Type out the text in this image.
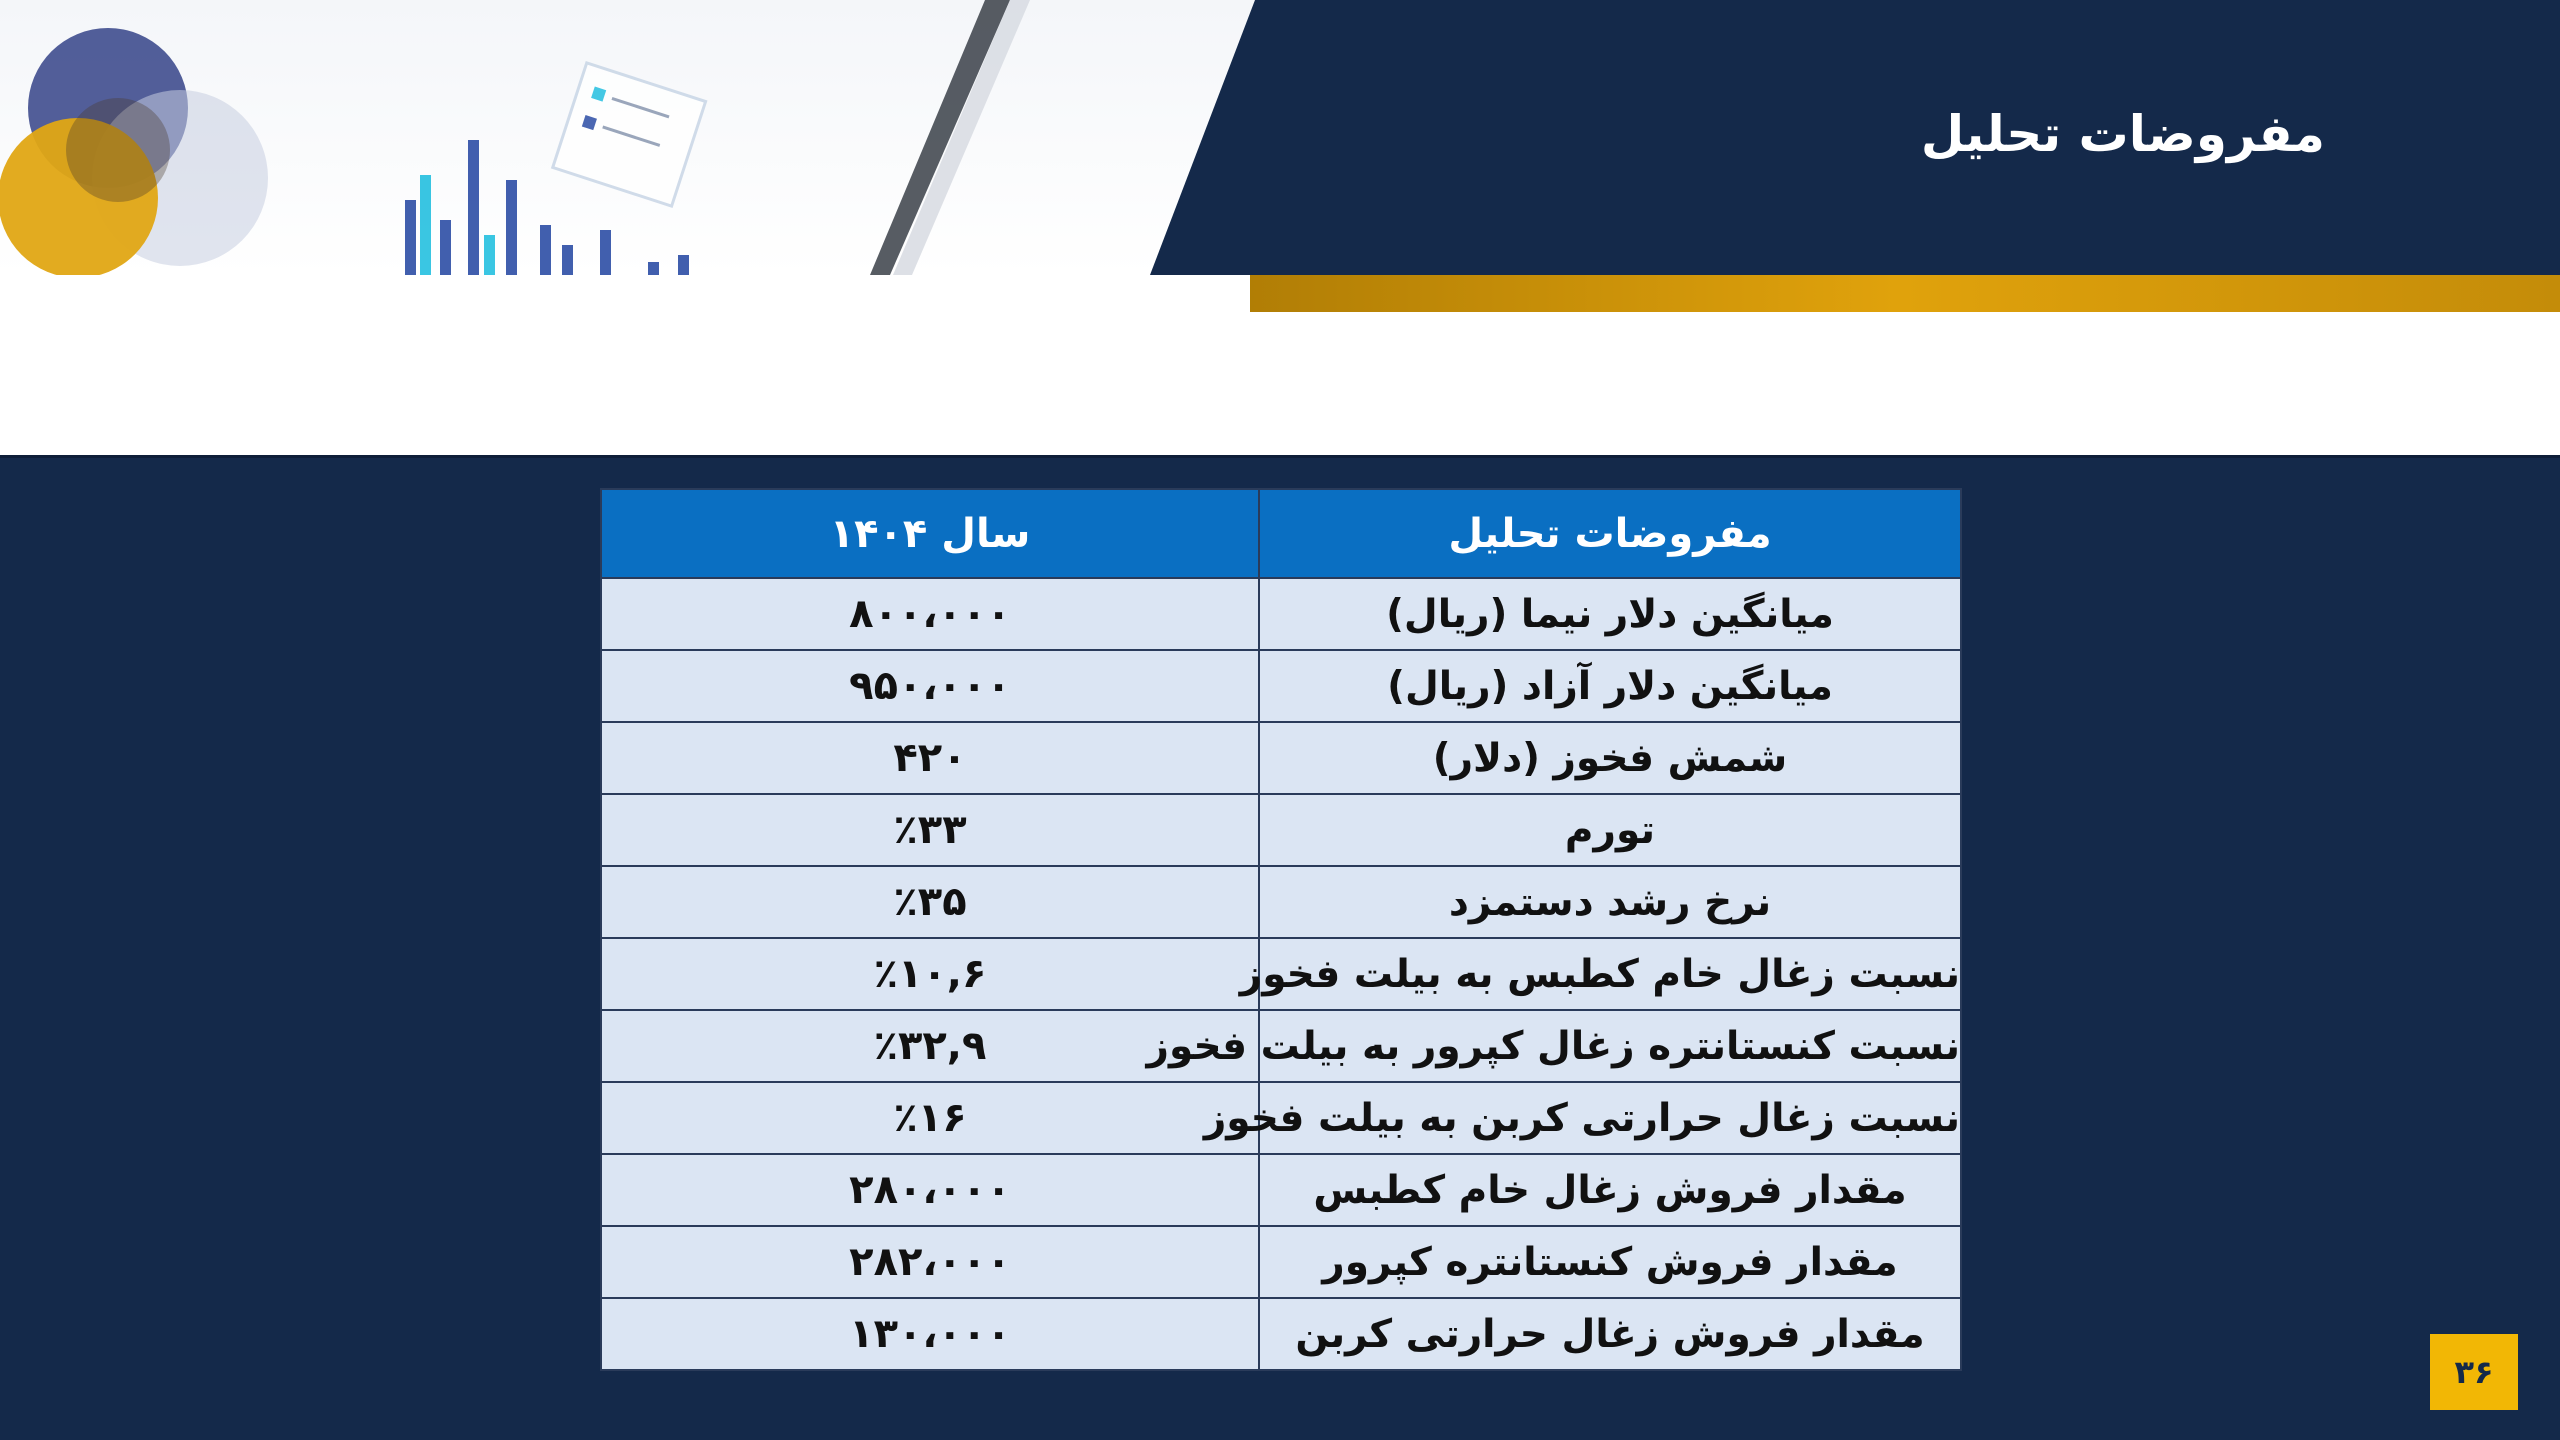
مفروضات تحلیل
مفروضات تحلیل	سال ۱۴۰۴
میانگین دلار نیما (ریال)	۸۰۰،۰۰۰
میانگین دلار آزاد (ریال)	۹۵۰،۰۰۰
شمش فخوز (دلار)	۴۲۰
تورم	٪۳۳
نرخ رشد دستمزد	٪۳۵
نسبت زغال خام کطبس به بیلت فخوز	٪۱۰,۶
نسبت کنستانتره زغال کپرور به بیلت فخوز	٪۳۲,۹
نسبت زغال حرارتی کربن به بیلت فخوز	٪۱۶
مقدار فروش زغال خام کطبس	۲۸۰،۰۰۰
مقدار فروش کنستانتره کپرور	۲۸۲،۰۰۰
مقدار فروش زغال حرارتی کربن	۱۳۰،۰۰۰
۳۶
